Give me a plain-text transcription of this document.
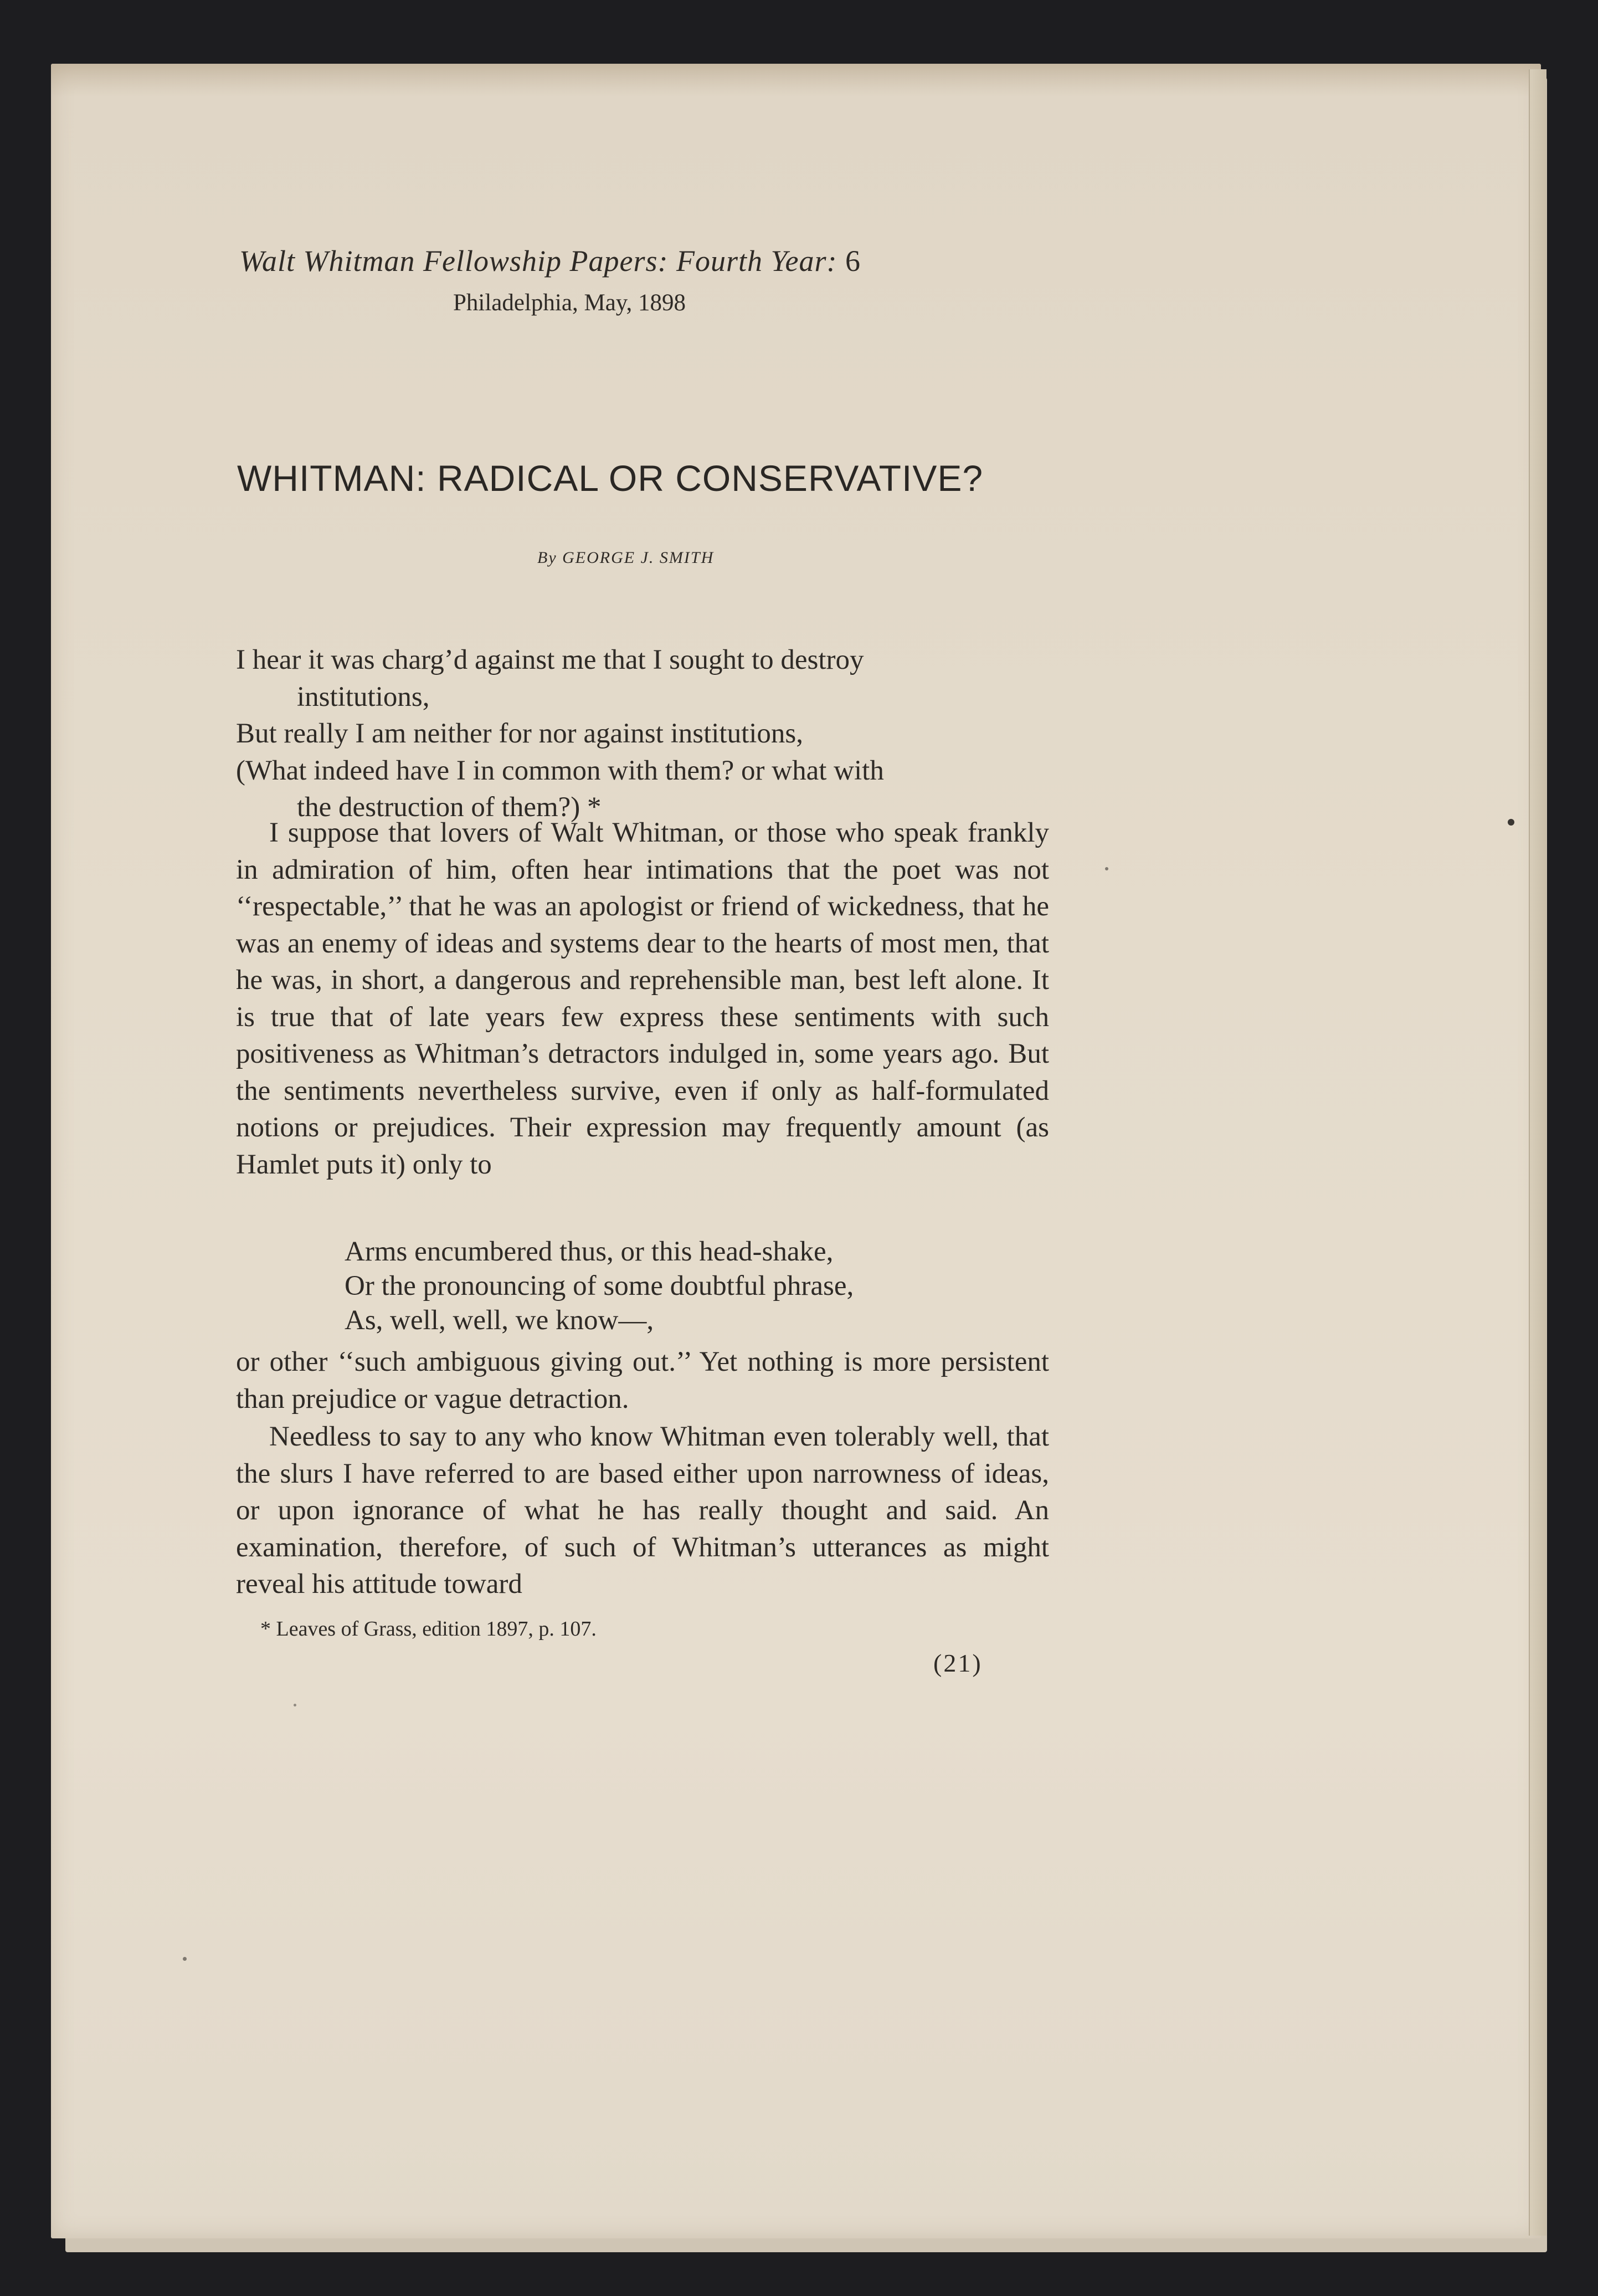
Walt Whitman Fellowship Papers: Fourth Year: 6
Philadelphia, May, 1898
WHITMAN: RADICAL OR CONSERVATIVE?
By GEORGE J. SMITH

I hear it was charg’d against me that I sought to destroy

institutions,

But really I am neither for nor against institutions,

(What indeed have I in common with them? or what with

the destruction of them?) *

I suppose that lovers of Walt Whitman, or those who speak frankly in admiration of him, often hear intimations that the poet was not ‘‘respectable,’’ that he was an apologist or friend of wickedness, that he was an enemy of ideas and systems dear to the hearts of most men, that he was, in short, a dangerous and reprehensible man, best left alone. It is true that of late years few express these sentiments with such positiveness as Whitman’s detractors indulged in, some years ago. But the sentiments nevertheless survive, even if only as half-formulated notions or prejudices. Their expression may frequently amount (as Hamlet puts it) only to

Arms encumbered thus, or this head-shake,

Or the pronouncing of some doubtful phrase,

As, well, well, we know—,

or other ‘‘such ambiguous giving out.’’ Yet nothing is more persistent than prejudice or vague detraction.

Needless to say to any who know Whitman even tolerably well, that the slurs I have referred to are based either upon narrowness of ideas, or upon ignorance of what he has really thought and said. An examination, therefore, of such of Whitman’s utterances as might reveal his attitude toward

* Leaves of Grass, edition 1897, p. 107.
(21)
